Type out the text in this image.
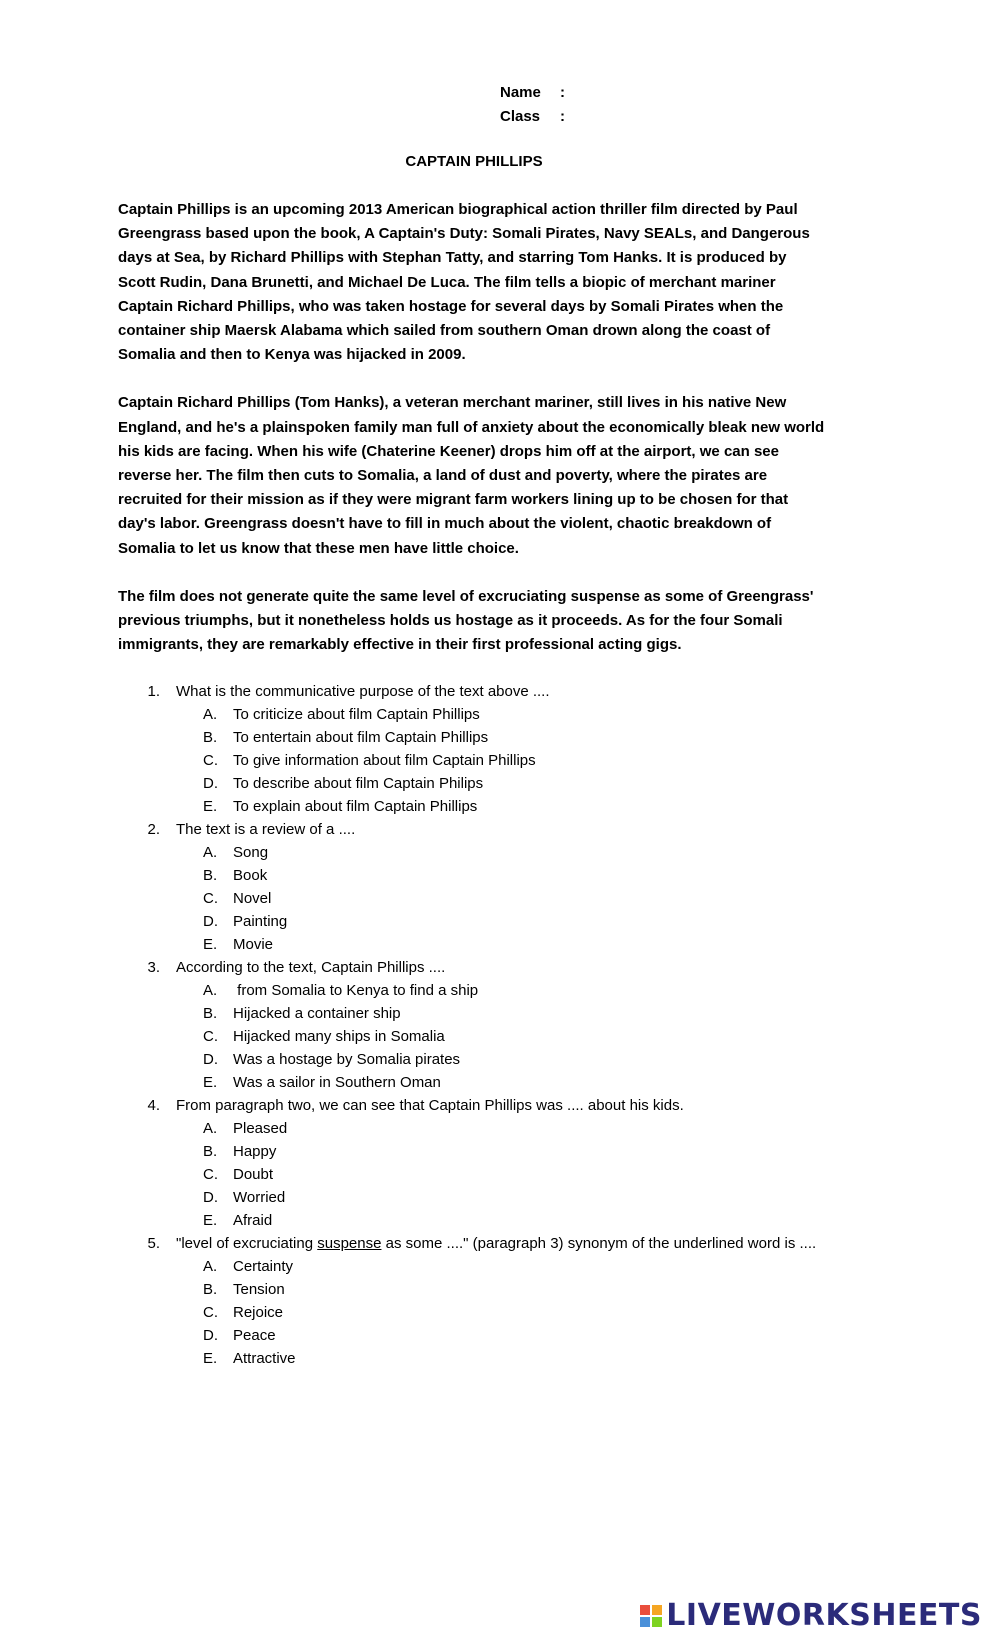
Name	:
Class	:
CAPTAIN PHILLIPS

Captain Phillips is an upcoming 2013 American biographical action thriller film directed by Paul Greengrass based upon the book, A Captain's Duty: Somali Pirates, Navy SEALs, and Dangerous days at Sea, by Richard Phillips with Stephan Tatty, and starring Tom Hanks. It is produced by Scott Rudin, Dana Brunetti, and Michael De Luca. The film tells a biopic of merchant mariner Captain Richard Phillips, who was taken hostage for several days by Somali Pirates when the container ship Maersk Alabama which sailed from southern Oman drown along the coast of Somalia and then to Kenya was hijacked in 2009.

Captain Richard Phillips (Tom Hanks), a veteran merchant mariner, still lives in his native New England, and he's a plainspoken family man full of anxiety about the economically bleak new world his kids are facing. When his wife (Chaterine Keener) drops him off at the airport, we can see reverse her. The film then cuts to Somalia, a land of dust and poverty, where the pirates are recruited for their mission as if they were migrant farm workers lining up to be chosen for that day's labor. Greengrass doesn't have to fill in much about the violent, chaotic breakdown of Somalia to let us know that these men have little choice.

The film does not generate quite the same level of excruciating suspense as some of Greengrass' previous triumphs, but it nonetheless holds us hostage as it proceeds. As for the four Somali immigrants, they are remarkably effective in their first professional acting gigs.

1.	What is the communicative purpose of the text above ....
A.	To criticize about film Captain Phillips
B.	To entertain about film Captain Phillips
C.	To give information about film Captain Phillips
D.	To describe about film Captain Philips
E.	To explain about film Captain Phillips
2.	The text is a review of a ....
A.	Song
B.	Book
C.	Novel
D.	Painting
E.	Movie
3.	According to the text, Captain Phillips ....
A.	from Somalia to Kenya to find a ship
B.	Hijacked a container ship
C.	Hijacked many ships in Somalia
D.	Was a hostage by Somalia pirates
E.	Was a sailor in Southern Oman
4.	From paragraph two, we can see that Captain Phillips was .... about his kids.
A.	Pleased
B.	Happy
C.	Doubt
D.	Worried
E.	Afraid
5.	"level of excruciating suspense as some ...." (paragraph 3) synonym of the underlined word is ....
A.	Certainty
B.	Tension
C.	Rejoice
D.	Peace
E.	Attractive
LIVEWORKSHEETS
